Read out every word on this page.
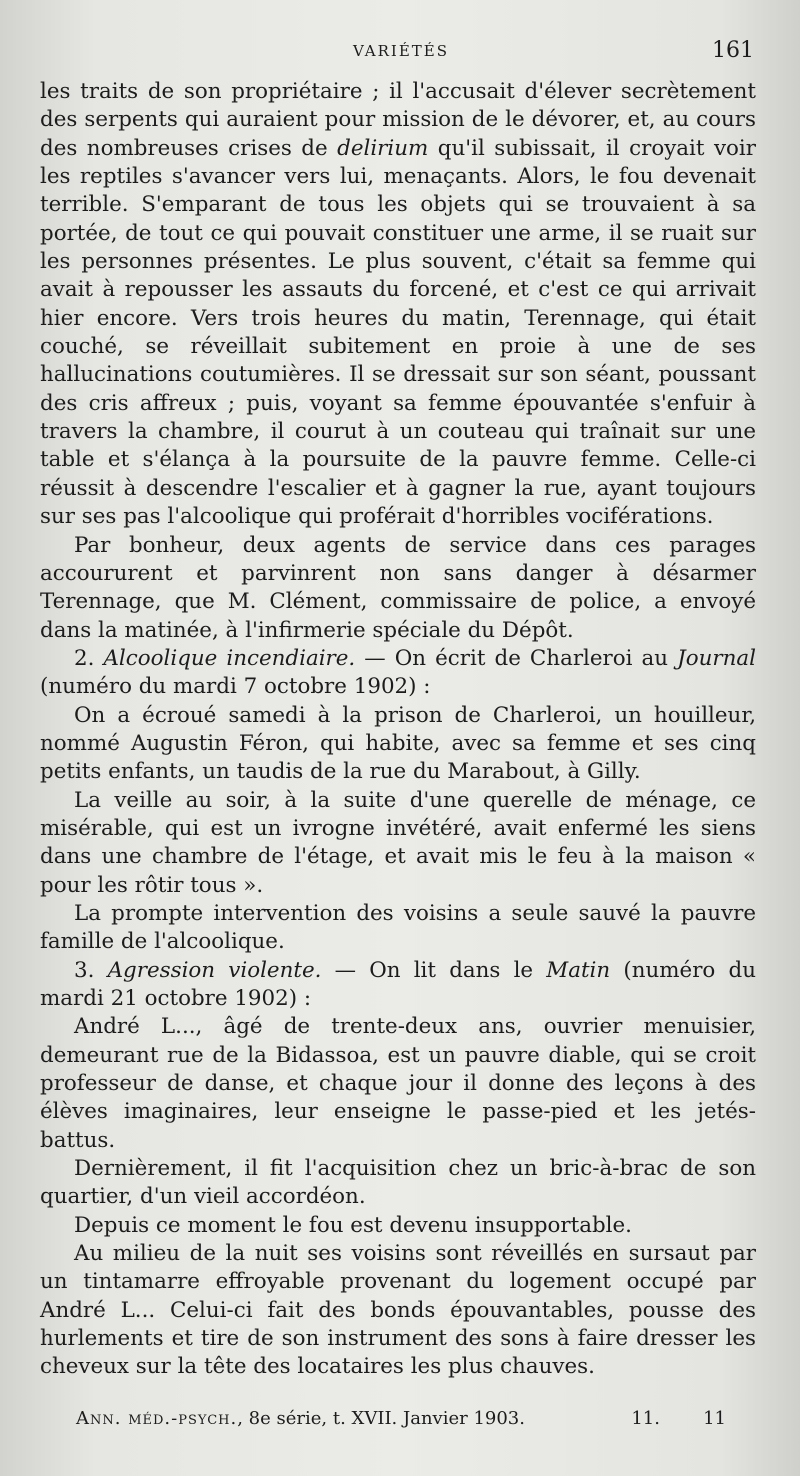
VARIÉTÉS	161

les traits de son propriétaire ; il l'accusait d'élever secrètement des serpents qui auraient pour mission de le dévorer, et, au cours des nombreuses crises de delirium qu'il subissait, il croyait voir les reptiles s'avancer vers lui, menaçants. Alors, le fou devenait terrible. S'emparant de tous les objets qui se trouvaient à sa portée, de tout ce qui pouvait constituer une arme, il se ruait sur les personnes présentes. Le plus souvent, c'était sa femme qui avait à repousser les assauts du forcené, et c'est ce qui arrivait hier encore. Vers trois heures du matin, Terennage, qui était couché, se réveillait subitement en proie à une de ses hallucinations coutumières. Il se dressait sur son séant, poussant des cris affreux ; puis, voyant sa femme épouvantée s'enfuir à travers la chambre, il courut à un couteau qui traînait sur une table et s'élança à la poursuite de la pauvre femme. Celle-ci réussit à descendre l'escalier et à gagner la rue, ayant toujours sur ses pas l'alcoolique qui proférait d'horribles vociférations.

Par bonheur, deux agents de service dans ces parages accoururent et parvinrent non sans danger à désarmer Terennage, que M. Clément, commissaire de police, a envoyé dans la matinée, à l'infirmerie spéciale du Dépôt.

2. Alcoolique incendiaire. — On écrit de Charleroi au Journal (numéro du mardi 7 octobre 1902) :

On a écroué samedi à la prison de Charleroi, un houilleur, nommé Augustin Féron, qui habite, avec sa femme et ses cinq petits enfants, un taudis de la rue du Marabout, à Gilly.

La veille au soir, à la suite d'une querelle de ménage, ce misérable, qui est un ivrogne invétéré, avait enfermé les siens dans une chambre de l'étage, et avait mis le feu à la maison « pour les rôtir tous ».

La prompte intervention des voisins a seule sauvé la pauvre famille de l'alcoolique.

3. Agression violente. — On lit dans le Matin (numéro du mardi 21 octobre 1902) :

André L..., âgé de trente-deux ans, ouvrier menuisier, demeurant rue de la Bidassoa, est un pauvre diable, qui se croit professeur de danse, et chaque jour il donne des leçons à des élèves imaginaires, leur enseigne le passe-pied et les jetés-battus.

Dernièrement, il fit l'acquisition chez un bric-à-brac de son quartier, d'un vieil accordéon.

Depuis ce moment le fou est devenu insupportable.

Au milieu de la nuit ses voisins sont réveillés en sursaut par un tintamarre effroyable provenant du logement occupé par André L... Celui-ci fait des bonds épouvantables, pousse des hurlements et tire de son instrument des sons à faire dresser les cheveux sur la tête des locataires les plus chauves.

Ann. méd.-psych., 8e série, t. XVII. Janvier 1903.	11. 11
